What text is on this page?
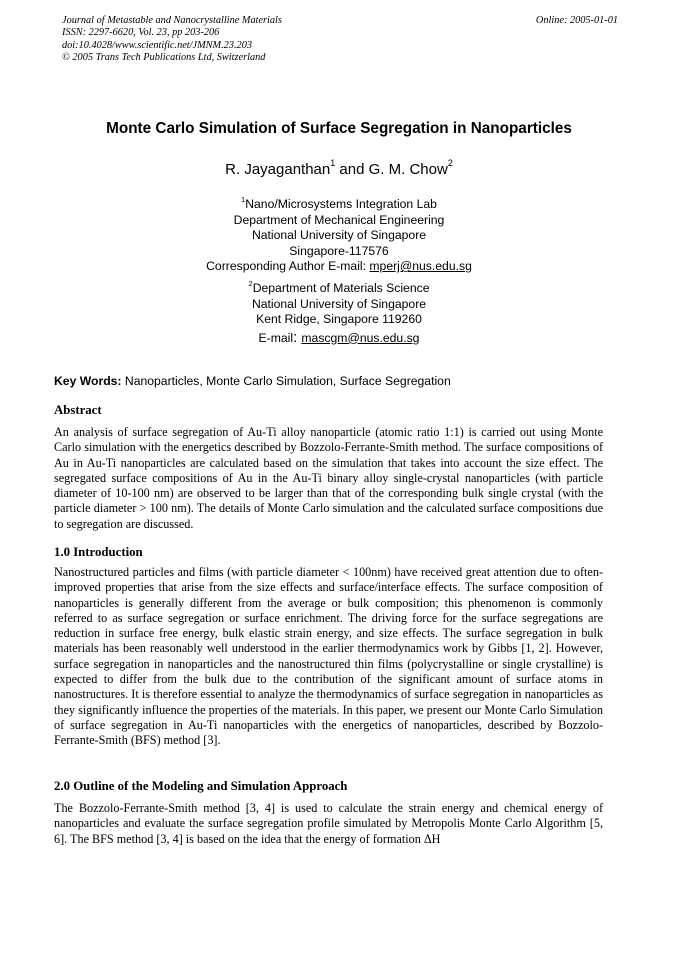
Journal of Metastable and Nanocrystalline Materials
ISSN: 2297-6620, Vol. 23, pp 203-206
doi:10.4028/www.scientific.net/JMNM.23.203
© 2005 Trans Tech Publications Ltd, Switzerland
Online: 2005-01-01
Monte Carlo Simulation of Surface Segregation in Nanoparticles
R. Jayaganthan$^1$ and G. M. Chow$^2$
$^1$Nano/Microsystems Integration Lab
Department of Mechanical Engineering
National University of Singapore
Singapore-117576
Corresponding Author E-mail: mperj@nus.edu.sg
$^2$Department of Materials Science
National University of Singapore
Kent Ridge, Singapore 119260
E-mail: mascgm@nus.edu.sg
Key Words: Nanoparticles, Monte Carlo Simulation, Surface Segregation
Abstract
An analysis of surface segregation of Au-Ti alloy nanoparticle (atomic ratio 1:1) is carried out using Monte Carlo simulation with the energetics described by Bozzolo-Ferrante-Smith method. The surface compositions of Au in Au-Ti nanoparticles are calculated based on the simulation that takes into account the size effect. The segregated surface compositions of Au in the Au-Ti binary alloy single-crystal nanoparticles (with particle diameter of 10-100 nm) are observed to be larger than that of the corresponding bulk single crystal (with the particle diameter > 100 nm). The details of Monte Carlo simulation and the calculated surface compositions due to segregation are discussed.
1.0 Introduction
Nanostructured particles and films (with particle diameter < 100nm) have received great attention due to often-improved properties that arise from the size effects and surface/interface effects. The surface composition of nanoparticles is generally different from the average or bulk composition; this phenomenon is commonly referred to as surface segregation or surface enrichment. The driving force for the surface segregations are reduction in surface free energy, bulk elastic strain energy, and size effects. The surface segregation in bulk materials has been reasonably well understood in the earlier thermodynamics work by Gibbs [1, 2]. However, surface segregation in nanoparticles and the nanostructured thin films (polycrystalline or single crystalline) is expected to differ from the bulk due to the contribution of the significant amount of surface atoms in nanostructures. It is therefore essential to analyze the thermodynamics of surface segregation in nanoparticles as they significantly influence the properties of the materials. In this paper, we present our Monte Carlo Simulation of surface segregation in Au-Ti nanoparticles with the energetics of nanoparticles, described by Bozzolo-Ferrante-Smith (BFS) method [3].
2.0 Outline of the Modeling and Simulation Approach
The Bozzolo-Ferrante-Smith method [3, 4] is used to calculate the strain energy and chemical energy of nanoparticles and evaluate the surface segregation profile simulated by Metropolis Monte Carlo Algorithm [5, 6]. The BFS method [3, 4] is based on the idea that the energy of formation ΔH
